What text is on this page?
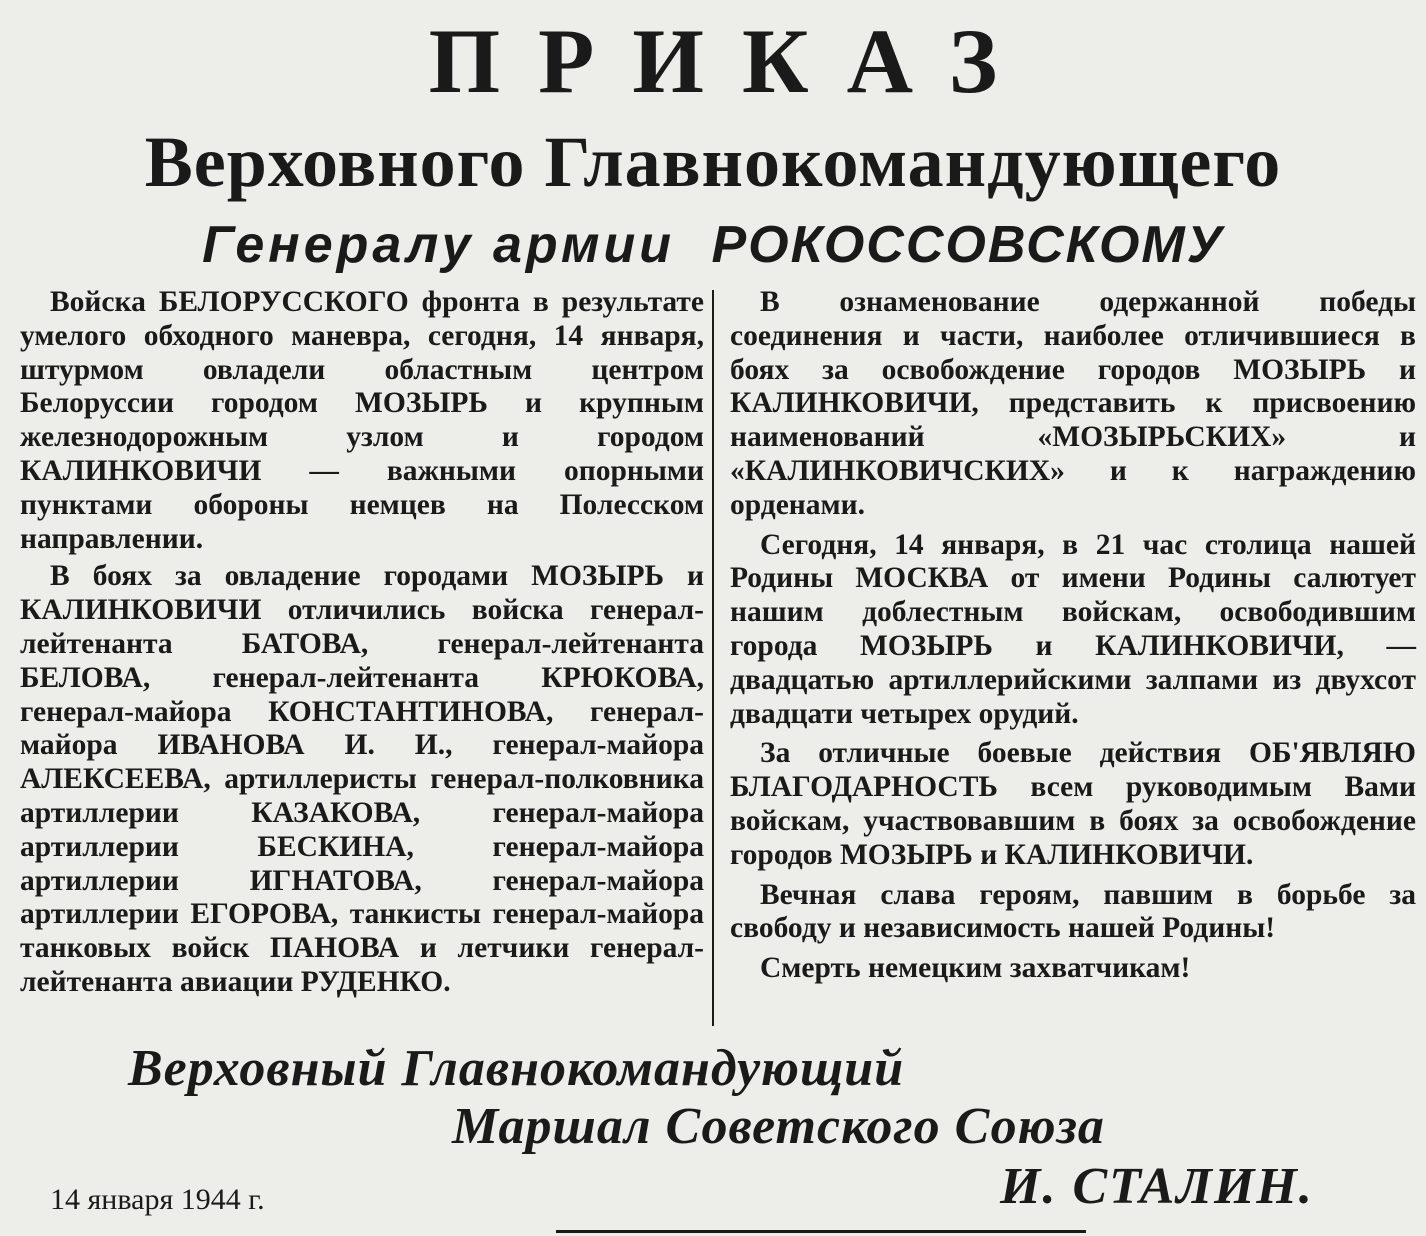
ПРИКАЗ
Верховного Главнокомандующего
Генералу армии РОКОССОВСКОМУ

Войска БЕЛОРУССКОГО фронта в результате умелого обходного маневра, сегодня, 14 января, штурмом овладели областным центром Белоруссии городом МОЗЫРЬ и крупным железнодорожным узлом и городом КАЛИНКОВИЧИ — важными опорными пунктами обороны немцев на Полесском направлении.

В боях за овладение городами МОЗЫРЬ и КАЛИНКОВИЧИ отличились войска генерал-лейтенанта БАТОВА, генерал-лейтенанта БЕЛОВА, генерал-лейтенанта КРЮКОВА, генерал-майора КОНСТАНТИНОВА, генерал-майора ИВАНОВА И. И., генерал-майора АЛЕКСЕЕВА, артиллеристы генерал-полковника артиллерии КАЗАКОВА, генерал-майора артиллерии БЕСКИНА, генерал-майора артиллерии ИГНАТОВА, генерал-майора артиллерии ЕГОРОВА, танкисты генерал-майора танковых войск ПАНОВА и летчики генерал-лейтенанта авиации РУДЕНКО.

В ознаменование одержанной победы соединения и части, наиболее отличившиеся в боях за освобождение городов МОЗЫРЬ и КАЛИНКОВИЧИ, представить к присвоению наименований «МОЗЫРЬСКИХ» и «КАЛИНКОВИЧСКИХ» и к награждению орденами.

Сегодня, 14 января, в 21 час столица нашей Родины МОСКВА от имени Родины салютует нашим доблестным войскам, освободившим города МОЗЫРЬ и КАЛИНКОВИЧИ, — двадцатью артиллерийскими залпами из двухсот двадцати четырех орудий.

За отличные боевые действия ОБ'ЯВЛЯЮ БЛАГОДАРНОСТЬ всем руководимым Вами войскам, участвовавшим в боях за освобождение городов МОЗЫРЬ и КАЛИНКОВИЧИ.

Вечная слава героям, павшим в борьбе за свободу и независимость нашей Родины!

Смерть немецким захватчикам!

Верховный Главнокомандующий
Маршал Советского Союза
И. СТАЛИН.
14 января 1944 г.
